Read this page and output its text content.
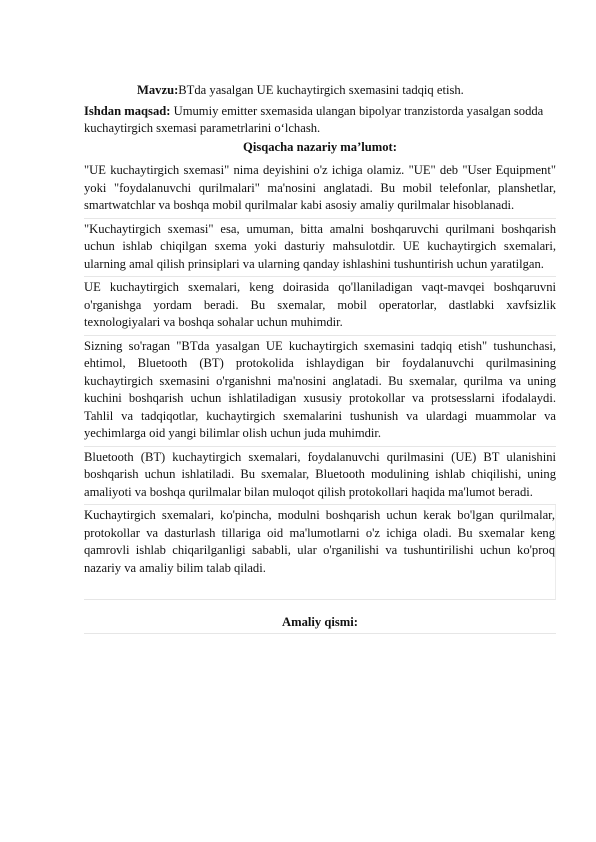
Mavzu:BTda yasalgan UE kuchaytirgich sxemasini tadqiq etish.

Ishdan maqsad: Umumiy emitter sxemasida ulangan bipolyar tranzistorda yasalgan sodda kuchaytirgich sxemasi parametrlarini o‘lchash.

Qisqacha nazariy ma’lumot:

"UE kuchaytirgich sxemasi" nima deyishini o'z ichiga olamiz. "UE" deb "User Equipment" yoki "foydalanuvchi qurilmalari" ma'nosini anglatadi. Bu mobil telefonlar, planshetlar, smartwatchlar va boshqa mobil qurilmalar kabi asosiy amaliy qurilmalar hisoblanadi.

"Kuchaytirgich sxemasi" esa, umuman, bitta amalni boshqaruvchi qurilmani boshqarish uchun ishlab chiqilgan sxema yoki dasturiy mahsulotdir. UE kuchaytirgich sxemalari, ularning amal qilish prinsiplari va ularning qanday ishlashini tushuntirish uchun yaratilgan.

UE kuchaytirgich sxemalari, keng doirasida qo'llaniladigan vaqt-mavqei boshqaruvni o'rganishga yordam beradi. Bu sxemalar, mobil operatorlar, dastlabki xavfsizlik texnologiyalari va boshqa sohalar uchun muhimdir.

Sizning so'ragan "BTda yasalgan UE kuchaytirgich sxemasini tadqiq etish" tushunchasi, ehtimol, Bluetooth (BT) protokolida ishlaydigan bir foydalanuvchi qurilmasining kuchaytirgich sxemasini o'rganishni ma'nosini anglatadi. Bu sxemalar, qurilma va uning kuchini boshqarish uchun ishlatiladigan xususiy protokollar va protsesslarni ifodalaydi. Tahlil va tadqiqotlar, kuchaytirgich sxemalarini tushunish va ulardagi muammolar va yechimlarga oid yangi bilimlar olish uchun juda muhimdir.

Bluetooth (BT) kuchaytirgich sxemalari, foydalanuvchi qurilmasini (UE) BT ulanishini boshqarish uchun ishlatiladi. Bu sxemalar, Bluetooth modulining ishlab chiqilishi, uning amaliyoti va boshqa qurilmalar bilan muloqot qilish protokollari haqida ma'lumot beradi.

Kuchaytirgich sxemalari, ko'pincha, modulni boshqarish uchun kerak bo'lgan qurilmalar, protokollar va dasturlash tillariga oid ma'lumotlarni o'z ichiga oladi. Bu sxemalar keng qamrovli ishlab chiqarilganligi sababli, ular o'rganilishi va tushuntirilishi uchun ko'proq nazariy va amaliy bilim talab qiladi.

Amaliy qismi:
